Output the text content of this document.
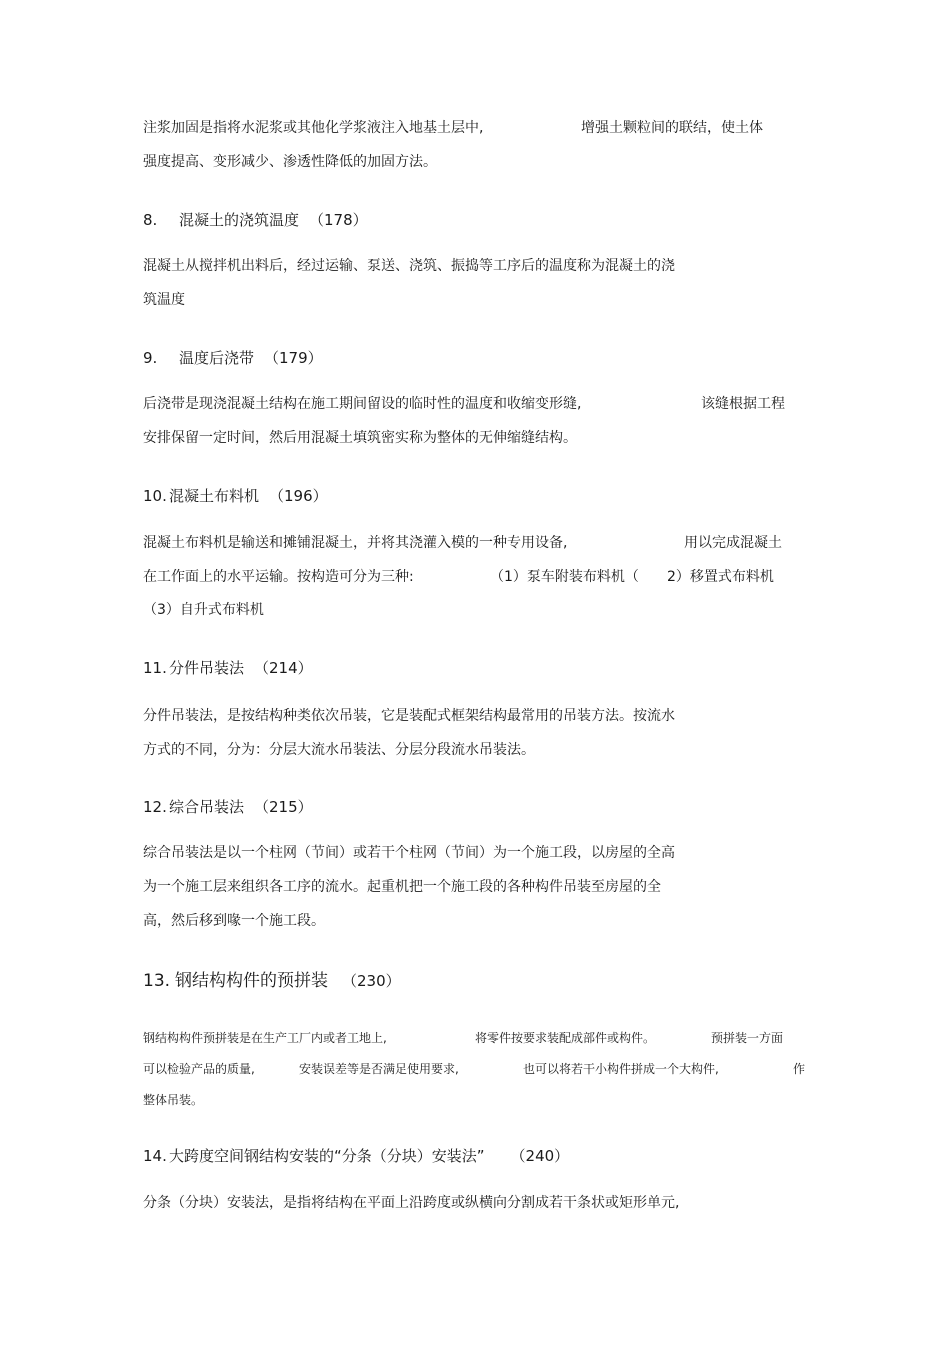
注浆加固是指将水泥浆或其他化学浆液注入地基土层中,	增强土颗粒间的联结，使土体
强度提高、变形减少、渗透性降低的加固方法。
8. 混凝土的浇筑温度 （178）
混凝土从搅拌机出料后，经过运输、泵送、浇筑、振捣等工序后的温度称为混凝土的浇
筑温度
9. 温度后浇带 （179）
后浇带是现浇混凝土结构在施工期间留设的临时性的温度和收缩变形缝,	该缝根据工程
安排保留一定时间，然后用混凝土填筑密实称为整体的无伸缩缝结构。
10. 混凝土布料机 （196）
混凝土布料机是输送和摊铺混凝土，并将其浇灌入模的一种专用设备,	用以完成混凝土
在工作面上的水平运输。按构造可分为三种:	（1）泵车附装布料机（ 2）移置式布料机
（3）自升式布料机
11. 分件吊装法 （214）
分件吊装法，是按结构种类依次吊装，它是装配式框架结构最常用的吊装方法。按流水
方式的不同，分为：分层大流水吊装法、分层分段流水吊装法。
12. 综合吊装法 （215）
综合吊装法是以一个柱网（节间）或若干个柱网（节间）为一个施工段，以房屋的全高
为一个施工层来组织各工序的流水。起重机把一个施工段的各种构件吊装至房屋的全
高，然后移到喙一个施工段。
13. 钢结构构件的预拼装 （230）
钢结构构件预拼装是在生产工厂内或者工地上,	将零件按要求装配成部件或构件。	预拼装一方面
可以检验产品的质量,	安装误差等是否满足使用要求,	也可以将若干小构件拼成一个大构件,	作
整体吊装。
14. 大跨度空间钢结构安装的“分条（分块）安装法” （240）
分条（分块）安装法，是指将结构在平面上沿跨度或纵横向分割成若干条状或矩形单元,
